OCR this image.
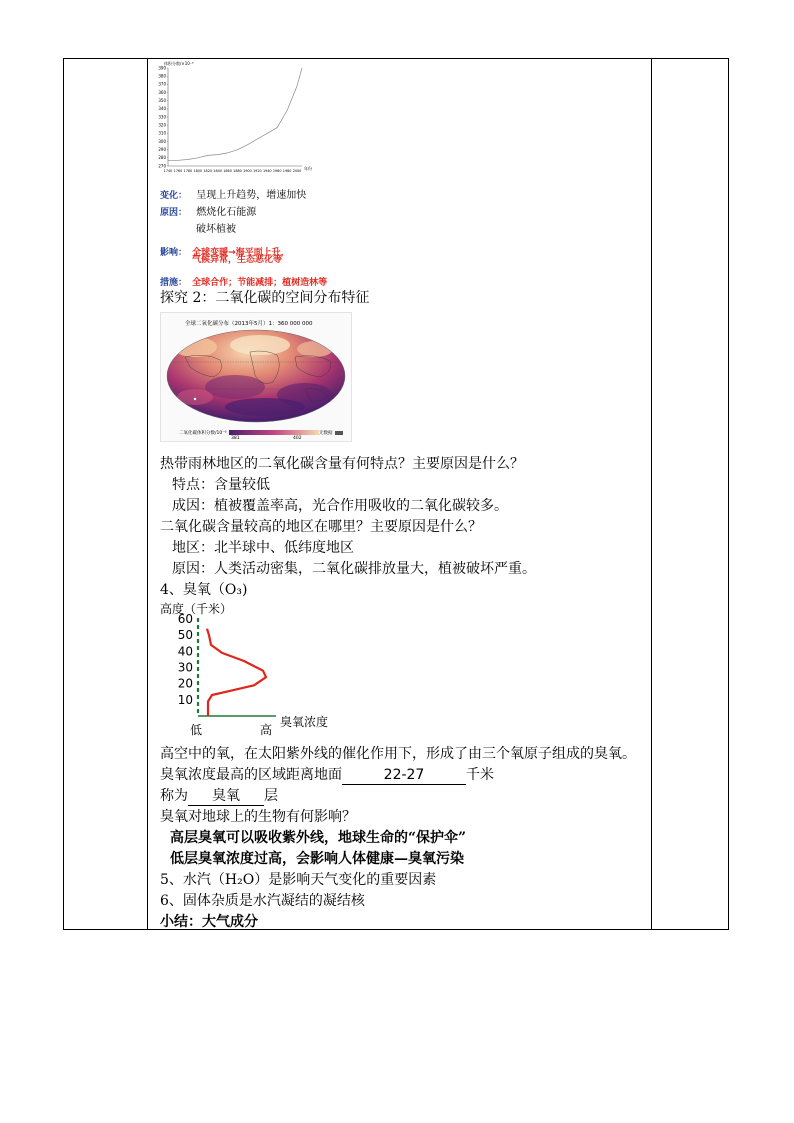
体积分数/×10⁻⁶
年份
390
380
370
360
350
340
330
320
310
300
290
280
270
1740 1760 1780 1800 1820 1840 1860 1880 1900 1920 1940 1960 1980 2000
变化： 呈现上升趋势，增速加快
原因： 燃烧化石能源
破坏植被
影响： 全球变暖→海平面上升，
气候异常，生态恶化等
措施： 全球合作；节能减排；植树造林等
探究 2：二氧化碳的空间分布特征
全球二氧化碳分布（2013年5月）1：360 000 000
二氧化碳体积分数/10⁻⁶
381	402
无数据
热带雨林地区的二氧化碳含量有何特点？主要原因是什么？
特点：含量较低
成因：植被覆盖率高，光合作用吸收的二氧化碳较多。
二氧化碳含量较高的地区在哪里？主要原因是什么？
地区：北半球中、低纬度地区
原因：人类活动密集，二氧化碳排放量大，植被破坏严重。
4、臭氧（O₃)
高度（千米）
60
50
40
30
20
10
低	高
臭氧浓度
高空中的氧，在太阳紫外线的催化作用下，形成了由三个氧原子组成的臭氧。
臭氧浓度最高的区域距离地面	22-27	千米
称为 臭氧 层
臭氧对地球上的生物有何影响？
高层臭氧可以吸收紫外线，地球生命的“保护伞”
低层臭氧浓度过高，会影响人体健康—臭氧污染
5、水汽（H₂O）是影响天气变化的重要因素
6、固体杂质是水汽凝结的凝结核
小结：大气成分
